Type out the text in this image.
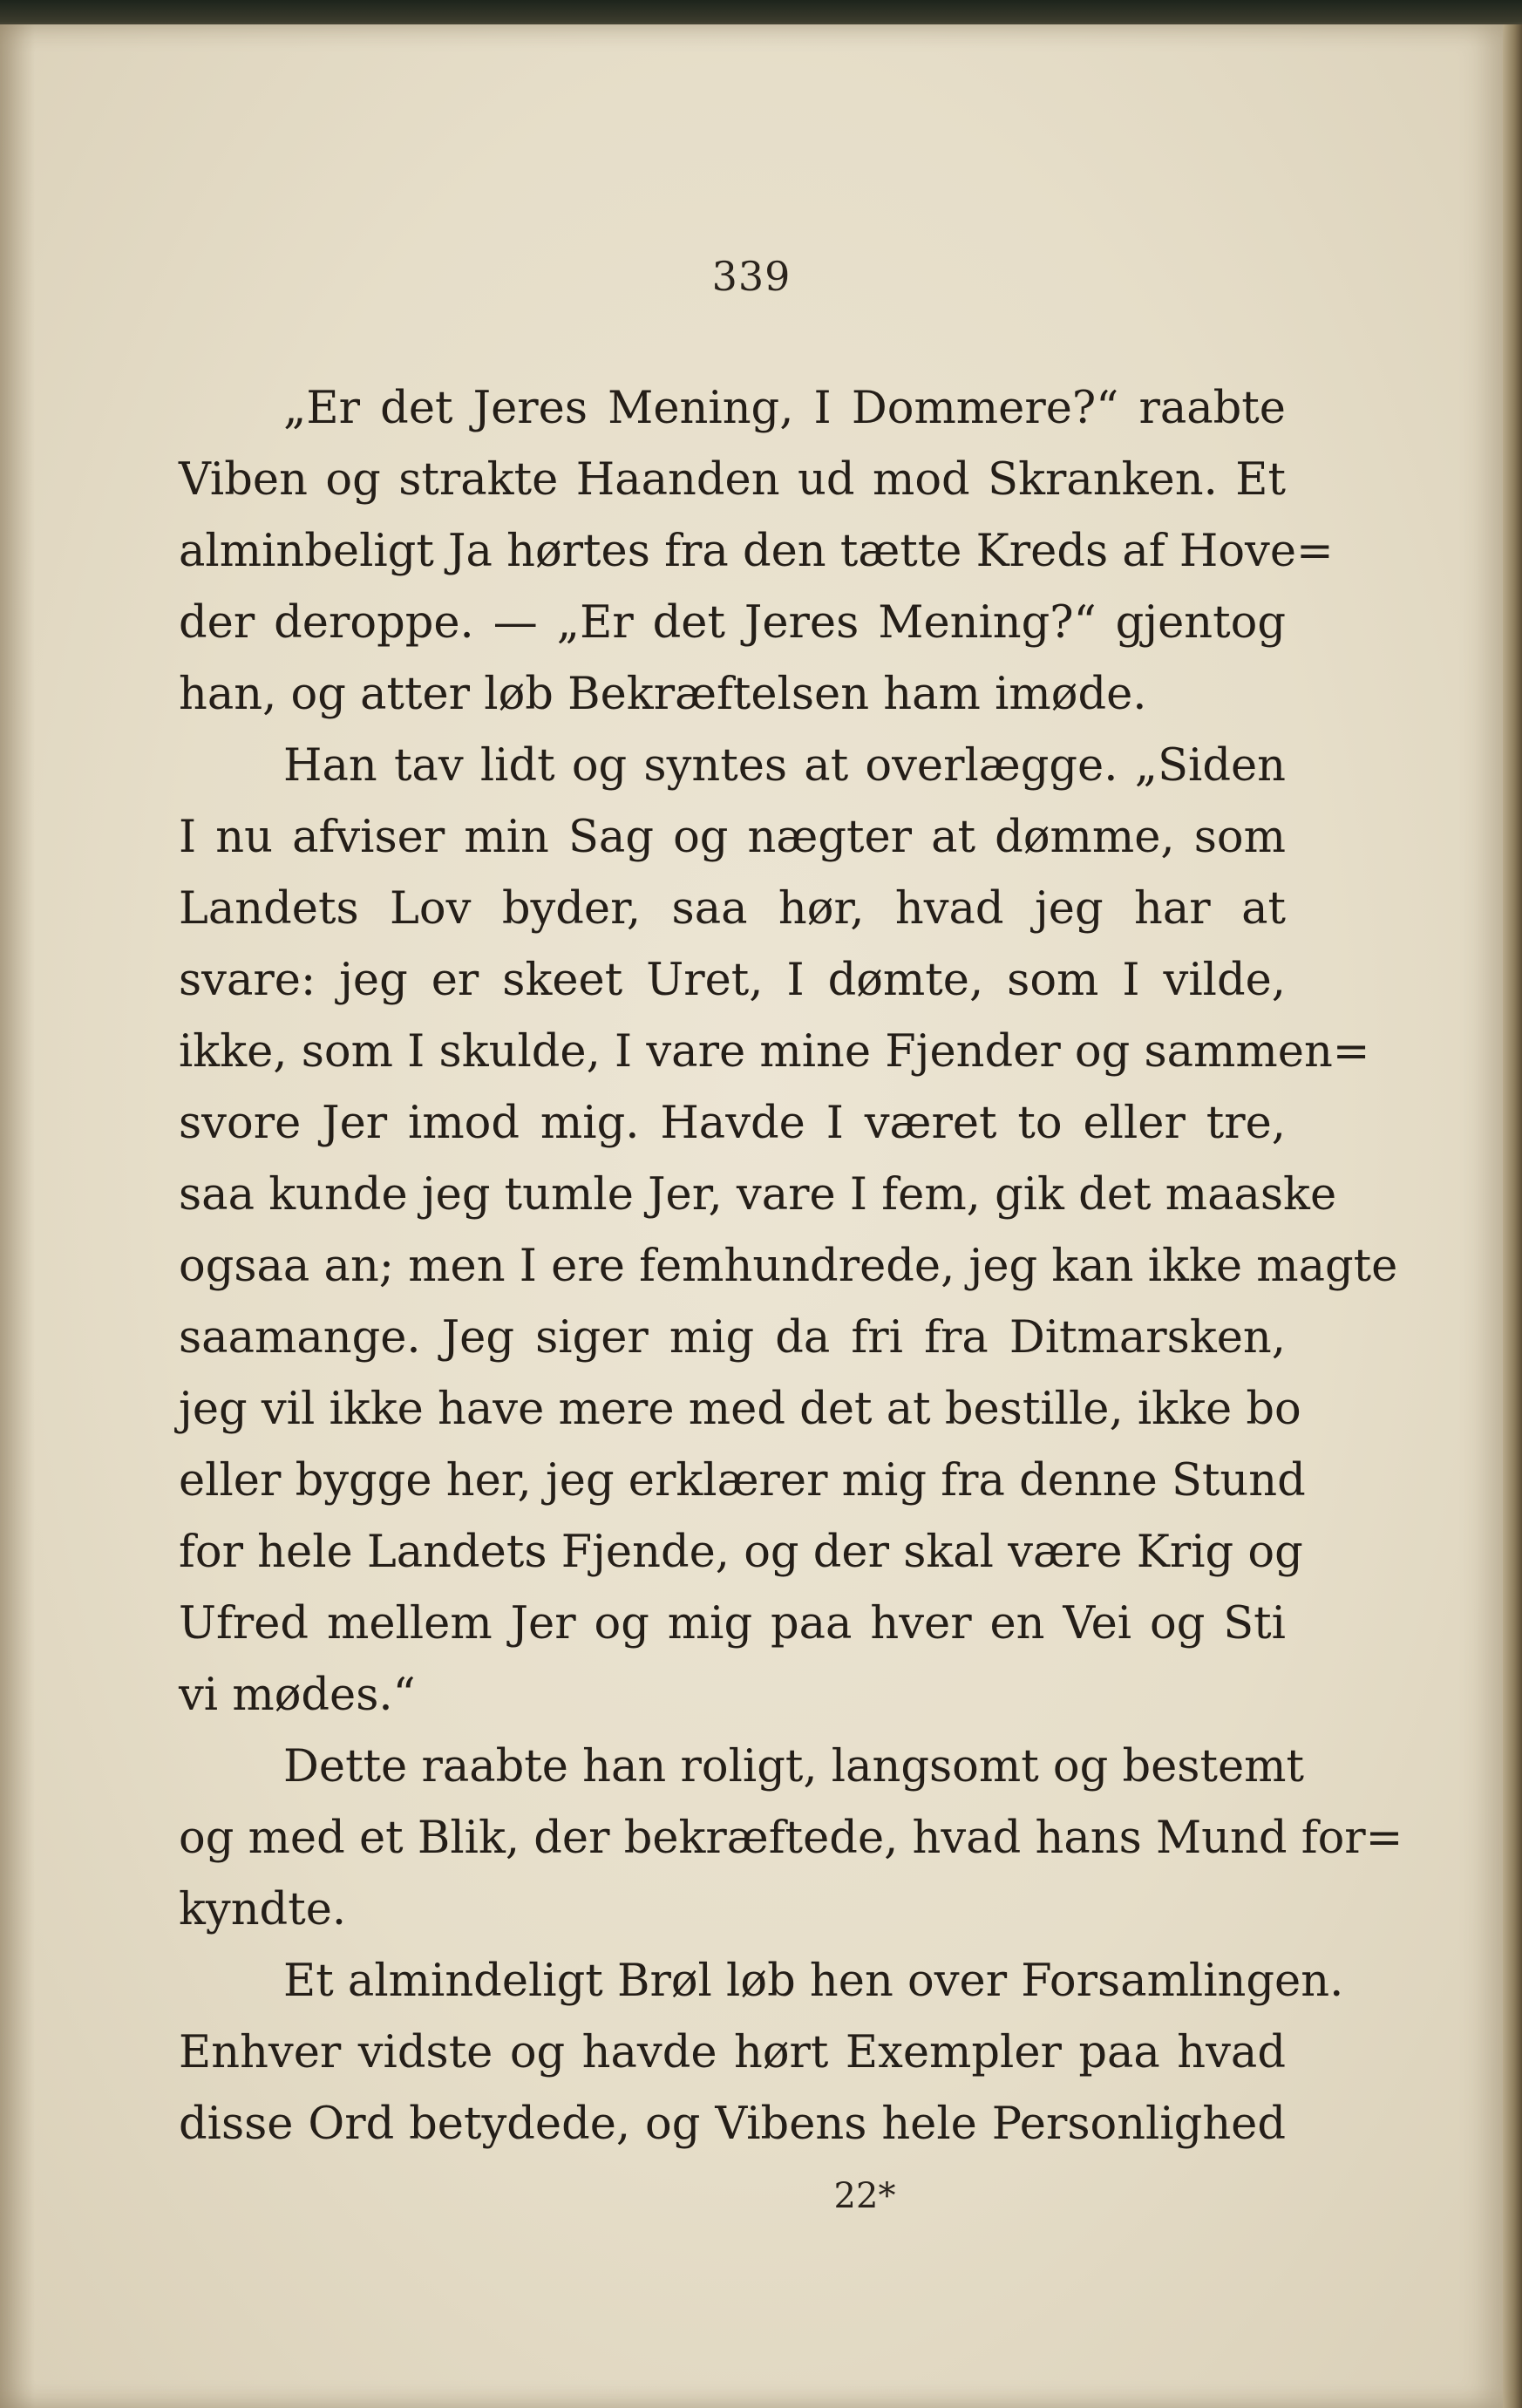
339
„Er det Jeres Mening, I Dommere?“ raabte
Viben og strakte Haanden ud mod Skranken. Et
alminbeligt Ja hørtes fra den tætte Kreds af Hove=
der deroppe. — „Er det Jeres Mening?“ gjentog
han, og atter løb Bekræftelsen ham imøde.
Han tav lidt og syntes at overlægge. „Siden
I nu afviser min Sag og nægter at dømme, som
Landets Lov byder, saa hør, hvad jeg har at
svare: jeg er skeet Uret, I dømte, som I vilde,
ikke, som I skulde, I vare mine Fjender og sammen=
svore Jer imod mig. Havde I været to eller tre,
saa kunde jeg tumle Jer, vare I fem, gik det maaske
ogsaa an; men I ere femhundrede, jeg kan ikke magte
saamange. Jeg siger mig da fri fra Ditmarsken,
jeg vil ikke have mere med det at bestille, ikke bo
eller bygge her, jeg erklærer mig fra denne Stund
for hele Landets Fjende, og der skal være Krig og
Ufred mellem Jer og mig paa hver en Vei og Sti
vi mødes.“
Dette raabte han roligt, langsomt og bestemt
og med et Blik, der bekræftede, hvad hans Mund for=
kyndte.
Et almindeligt Brøl løb hen over Forsamlingen.
Enhver vidste og havde hørt Exempler paa hvad
disse Ord betydede, og Vibens hele Personlighed
22*
